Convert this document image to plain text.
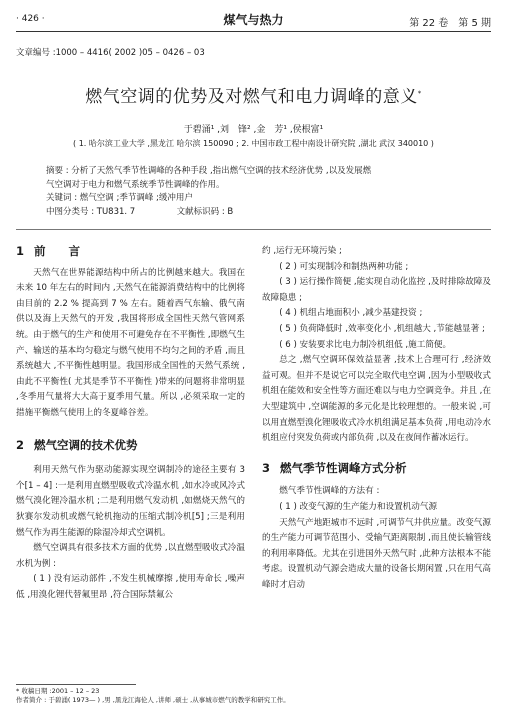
· 426 ·	煤气与热力	第 22 卷　第 5 期
文章编号 :1000 – 4416( 2002 )05 – 0426 – 03
燃气空调的优势及对燃气和电力调峰的意义*
于碧涌¹ ,刘　锋² ,金　芳¹ ,侯根富¹
( 1. 哈尔滨工业大学 ,黑龙江 哈尔滨 150090 ; 2. 中国市政工程中南设计研究院 ,湖北 武汉 340010 )
摘要 : 分析了天然气季节性调峰的各种手段 ,指出燃气空调的技术经济优势 ,以及发展燃
气空调对于电力和燃气系统季节性调峰的作用。
关键词 : 燃气空调 ;季节调峰 ;缓冲用户
中图分类号 : TU831. 7	文献标识码 : B
1 前　　言

天然气在世界能源结构中所占的比例越来越大。我国在未来 10 年左右的时间内 ,天然气在能源消费结构中的比例将由目前的 2.2 % 提高到 7 % 左右。随着西气东输、俄气南供以及海上天然气的开发 ,我国将形成全国性天然气管网系统。由于燃气的生产和使用不可避免存在不平衡性 ,即燃气生产、输送的基本均匀稳定与燃气使用不均匀之间的矛盾 ,而且系统越大 ,不平衡性越明显。我国形成全国性的天然气系统 ,由此不平衡性( 尤其是季节不平衡性 )带来的问题将非常明显 ,冬季用气量将大大高于夏季用气量。所以 ,必须采取一定的措施平衡燃气使用上的冬夏峰谷差。

2 燃气空调的技术优势

利用天然气作为驱动能源实现空调制冷的途径主要有 3 个[1 – 4] :一是利用直燃型吸收式冷温水机 ,如水冷或风冷式燃气溴化锂冷温水机 ;二是利用燃气发动机 ,如燃烧天然气的狄赛尔发动机或燃气轮机拖动的压缩式制冷机[5] ;三是利用燃气作为再生能源的除湿冷却式空调机。

燃气空调具有很多技术方面的优势 ,以直燃型吸收式冷温水机为例 :

( 1 ) 没有运动部件 ,不发生机械摩擦 ,使用寿命长 ,噪声低 ,用溴化锂代替氟里昂 ,符合国际禁氟公

约 ,运行无环境污染 ;

( 2 ) 可实现制冷和制热两种功能 ;

( 3 ) 运行操作简便 ,能实现自动化监控 ,及时排除故障及故障隐患 ;

( 4 ) 机组占地面积小 ,减少基建投资 ;

( 5 ) 负荷降低时 ,效率变化小 ,机组越大 ,节能越显著 ;

( 6 ) 安装要求比电力制冷机组低 ,施工简便。

总之 ,燃气空调环保效益显著 ,技术上合理可行 ,经济效益可观。但并不是说它可以完全取代电空调 ,因为小型吸收式机组在能效和安全性等方面还难以与电力空调竞争。并且 ,在大型建筑中 ,空调能源的多元化是比较理想的。一般来说 ,可以用直燃型溴化锂吸收式冷水机组满足基本负荷 ,用电动冷水机组应付突发负荷或内部负荷 ,以及在夜间作蓄冰运行。

3 燃气季节性调峰方式分析

燃气季节性调峰的方法有 :

( 1 ) 改变气源的生产能力和设置机动气源

天然气产地距城市不远时 ,可调节气井供应量。改变气源的生产能力可调节范围小、受输气距离限制 ,而且使长输管线的利用率降低。尤其在引进国外天然气时 ,此种方法根本不能考虑。设置机动气源会造成大量的设备长期闲置 ,只在用气高峰时才启动

* 收稿日期 :2001 – 12 – 23
作者简介 : 于碧涌( 1973— ) ,男 ,黑龙江海伦人 ,讲师 ,硕士 ,从事城市燃气的教学和研究工作。
